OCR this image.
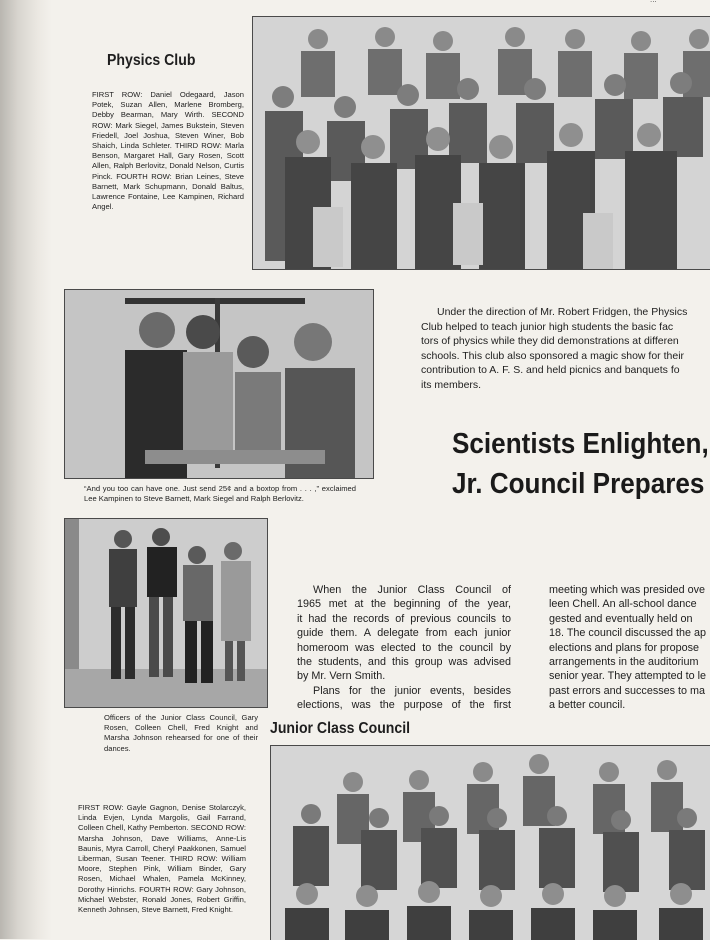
Physics Club
FIRST ROW: Daniel Odegaard, Jason Potek, Suzan Allen, Marlene Bromberg, Debby Bearman, Mary Wirth. SECOND ROW: Mark Siegel, James Bukstein, Steven Friedell, Joel Joshua, Steven Winer, Bob Shaich, Linda Schleter. THIRD ROW: Marla Benson, Margaret Hall, Gary Rosen, Scott Allen, Ralph Berlovitz, Donald Nelson, Curtis Pinck. FOURTH ROW: Brian Leines, Steve Barnett, Mark Schupmann, Donald Baltus, Lawrence Fontaine, Lee Kampinen, Richard Angel.
“And you too can have one. Just send 25¢ and a boxtop from . . . ,” exclaimed Lee Kampinen to Steve Barnett, Mark Siegel and Ralph Berlovitz.
Under the direction of Mr. Robert Fridgen, the Physics
Club helped to teach junior high students the basic fac
tors of physics while they did demonstrations at differen
schools. This club also sponsored a magic show for their
contribution to A. F. S. and held picnics and banquets fo
its members.
Scientists Enlighten,
Jr. Council Prepares
Officers of the Junior Class Council, Gary Rosen, Colleen Chell, Fred Knight and Marsha Johnson rehearsed for one of their dances.
When the Junior Class Council of
1965 met at the beginning of the year,
it had the records of previous councils to
guide them. A delegate from each junior
homeroom was elected to the council by
the students, and this group was advised
by Mr. Vern Smith.
Plans for the junior events, besides
elections, was the purpose of the first
meeting which was presided ove
leen Chell. An all-school dance
gested and eventually held on
18. The council discussed the ap
elections and plans for propose
arrangements in the auditorium
senior year. They attempted to le
past errors and successes to ma
a better council.
Junior Class Council
FIRST ROW: Gayle Gagnon, Denise Stolarczyk, Linda Evjen, Lynda Margolis, Gail Farrand, Colleen Chell, Kathy Pemberton. SECOND ROW: Marsha Johnson, Dave Williams, Anne-Lis Baunis, Myra Carroll, Cheryl Paakkonen, Samuel Liberman, Susan Teener. THIRD ROW: William Moore, Stephen Pink, William Binder, Gary Rosen, Michael Whalen, Pamela McKinney, Dorothy Hinrichs. FOURTH ROW: Gary Johnson, Michael Webster, Ronald Jones, Robert Griffin, Kenneth Johnsen, Steve Barnett, Fred Knight.
